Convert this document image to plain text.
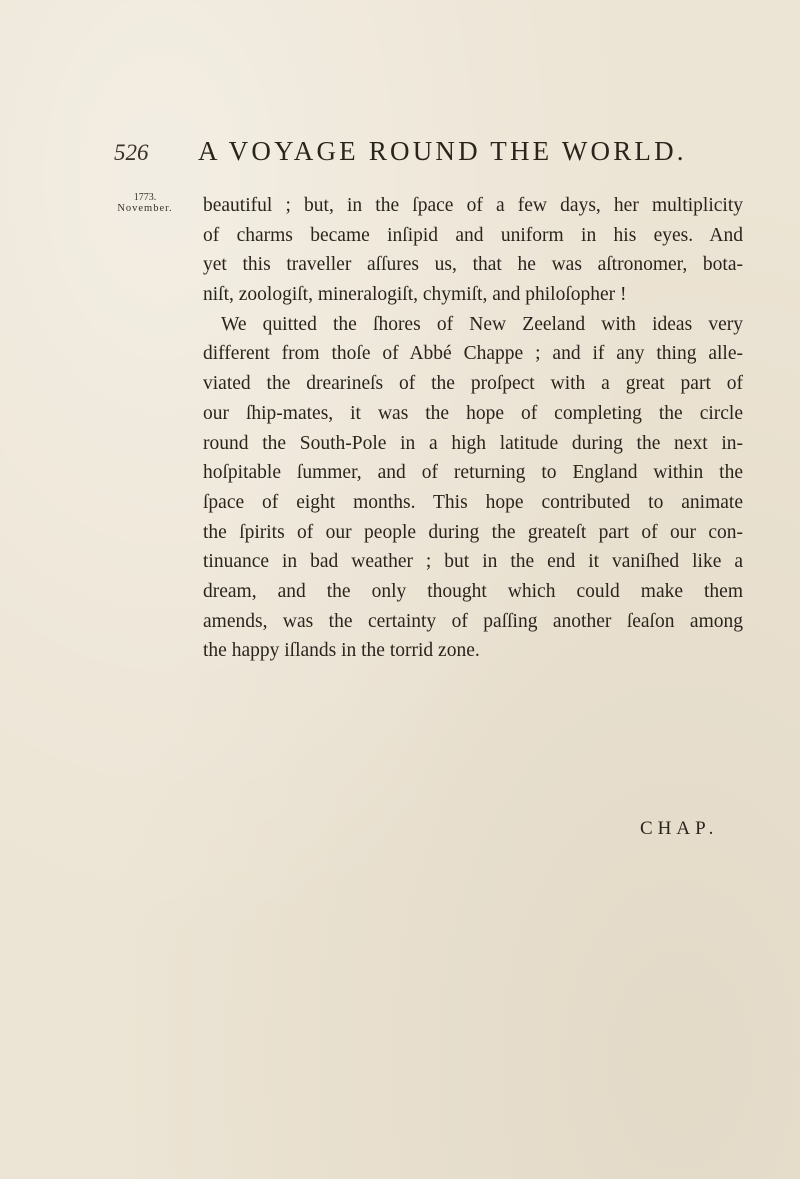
526 A VOYAGE ROUND THE WORLD.
1773.
November.	beautiful ; but, in the ſpace of a few days, her multiplicity
of charms became inſipid and uniform in his eyes. And
yet this traveller aſſures us, that he was aſtronomer, bota-
niſt, zoologiſt, mineralogiſt, chymiſt, and philoſopher !
We quitted the ſhores of New Zeeland with ideas very
different from thoſe of Abbé Chappe ; and if any thing alle-
viated the drearineſs of the proſpect with a great part of
our ſhip-mates, it was the hope of completing the circle
round the South-Pole in a high latitude during the next in-
hoſpitable ſummer, and of returning to England within the
ſpace of eight months. This hope contributed to animate
the ſpirits of our people during the greateſt part of our con-
tinuance in bad weather ; but in the end it vaniſhed like a
dream, and the only thought which could make them
amends, was the certainty of paſſing another ſeaſon among
the happy iſlands in the torrid zone.
CHAP.
